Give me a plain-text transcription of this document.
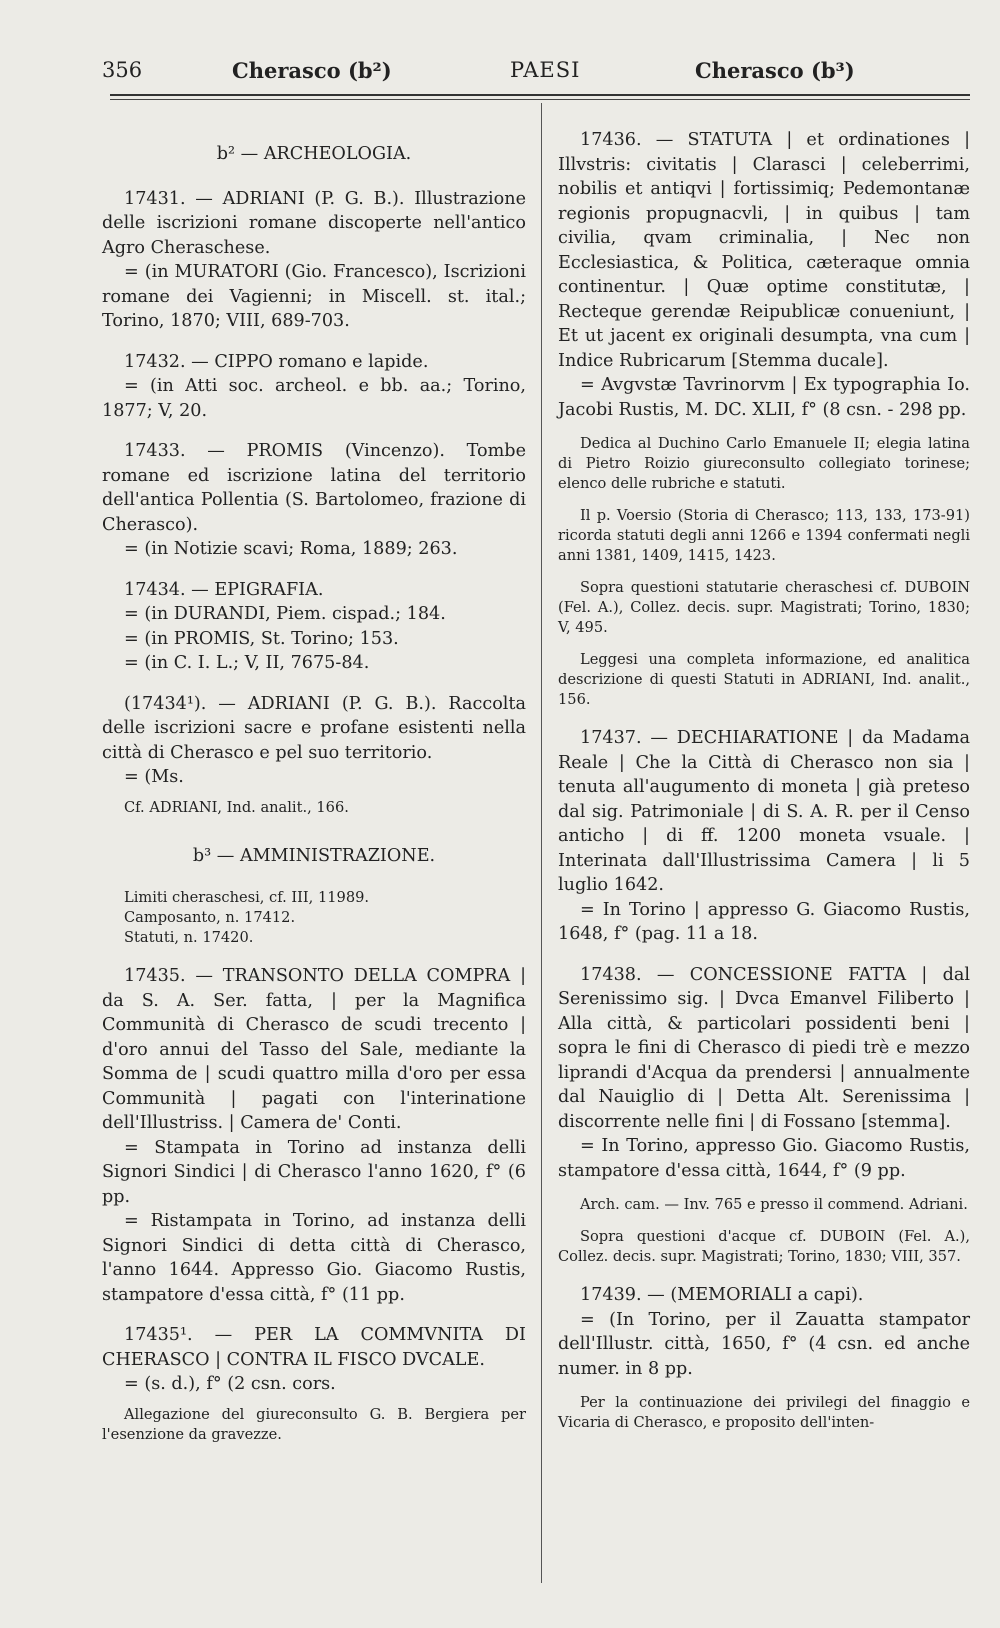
356	Cherasco (b²)	PAESI	Cherasco (b³)

b² — ARCHEOLOGIA.

17431. — ADRIANI (P. G. B.). Illustrazione delle iscrizioni romane discoperte nell'antico Agro Cheraschese.

= (in MURATORI (Gio. Francesco), Iscrizioni romane dei Vagienni; in Miscell. st. ital.; Torino, 1870; VIII, 689-703.

17432. — CIPPO romano e lapide.

= (in Atti soc. archeol. e bb. aa.; Torino, 1877; V, 20.

17433. — PROMIS (Vincenzo). Tombe romane ed iscrizione latina del territorio dell'antica Pollentia (S. Bartolomeo, frazione di Cherasco).

= (in Notizie scavi; Roma, 1889; 263.

17434. — EPIGRAFIA.

= (in DURANDI, Piem. cispad.; 184.

= (in PROMIS, St. Torino; 153.

= (in C. I. L.; V, II, 7675-84.

(17434¹). — ADRIANI (P. G. B.). Raccolta delle iscrizioni sacre e profane esistenti nella città di Cherasco e pel suo territorio.

= (Ms.

Cf. ADRIANI, Ind. analit., 166.

b³ — AMMINISTRAZIONE.

Limiti cheraschesi, cf. III, 11989.

Camposanto, n. 17412.

Statuti, n. 17420.

17435. — TRANSONTO DELLA COMPRA | da S. A. Ser. fatta, | per la Magnifica Communità di Cherasco de scudi trecento | d'oro annui del Tasso del Sale, mediante la Somma de | scudi quattro milla d'oro per essa Communità | pagati con l'interinatione dell'Illustriss. | Camera de' Conti.

= Stampata in Torino ad instanza delli Signori Sindici | di Cherasco l'anno 1620, f° (6 pp.

= Ristampata in Torino, ad instanza delli Signori Sindici di detta città di Cherasco, l'anno 1644. Appresso Gio. Giacomo Rustis, stampatore d'essa città, f° (11 pp.

17435¹. — PER LA COMMVNITA DI CHERASCO | CONTRA IL FISCO DVCALE.

= (s. d.), f° (2 csn. cors.

Allegazione del giureconsulto G. B. Bergiera per l'esenzione da gravezze.

17436. — STATUTA | et ordinationes | Illvstris: civitatis | Clarasci | celeberrimi, nobilis et antiqvi | fortissimiq; Pedemontanæ regionis propugnacvli, | in quibus | tam civilia, qvam criminalia, | Nec non Ecclesiastica, & Politica, cæteraque omnia continentur. | Quæ optime constitutæ, | Recteque gerendæ Reipublicæ conueniunt, | Et ut jacent ex originali desumpta, vna cum | Indice Rubricarum [Stemma ducale].

= Avgvstæ Tavrinorvm | Ex typographia Io. Jacobi Rustis, M. DC. XLII, f° (8 csn. - 298 pp.

Dedica al Duchino Carlo Emanuele II; elegia latina di Pietro Roizio giureconsulto collegiato torinese; elenco delle rubriche e statuti.

Il p. Voersio (Storia di Cherasco; 113, 133, 173-91) ricorda statuti degli anni 1266 e 1394 confermati negli anni 1381, 1409, 1415, 1423.

Sopra questioni statutarie cheraschesi cf. DUBOIN (Fel. A.), Collez. decis. supr. Magistrati; Torino, 1830; V, 495.

Leggesi una completa informazione, ed analitica descrizione di questi Statuti in ADRIANI, Ind. analit., 156.

17437. — DECHIARATIONE | da Madama Reale | Che la Città di Cherasco non sia | tenuta all'augumento di moneta | già preteso dal sig. Patrimoniale | di S. A. R. per il Censo antichо | di ff. 1200 moneta vsuale. | Interinata dall'Illustrissima Camera | li 5 luglio 1642.

= In Torino | appresso G. Giacomo Rustis, 1648, f° (pag. 11 a 18.

17438. — CONCESSIONE FATTA | dal Serenissimo sig. | Dvca Emanvel Filiberto | Alla città, & particolari possidenti beni | sopra le fini di Cherasco di piedi trè e mezzo liprandi d'Acqua da prendersi | annualmente dal Nauiglio di | Detta Alt. Serenissima | discorrente nelle fini | di Fossano [stemma].

= In Torino, appresso Gio. Giacomo Rustis, stampatore d'essa città, 1644, f° (9 pp.

Arch. cam. — Inv. 765 e presso il commend. Adriani.

Sopra questioni d'acque cf. DUBOIN (Fel. A.), Collez. decis. supr. Magistrati; Torino, 1830; VIII, 357.

17439. — (MEMORIALI a capi).

= (In Torino, per il Zauatta stampator dell'Illustr. città, 1650, f° (4 csn. ed anche numer. in 8 pp.

Per la continuazione dei privilegi del finaggio e Vicaria di Cherasco, e proposito dell'inten-
